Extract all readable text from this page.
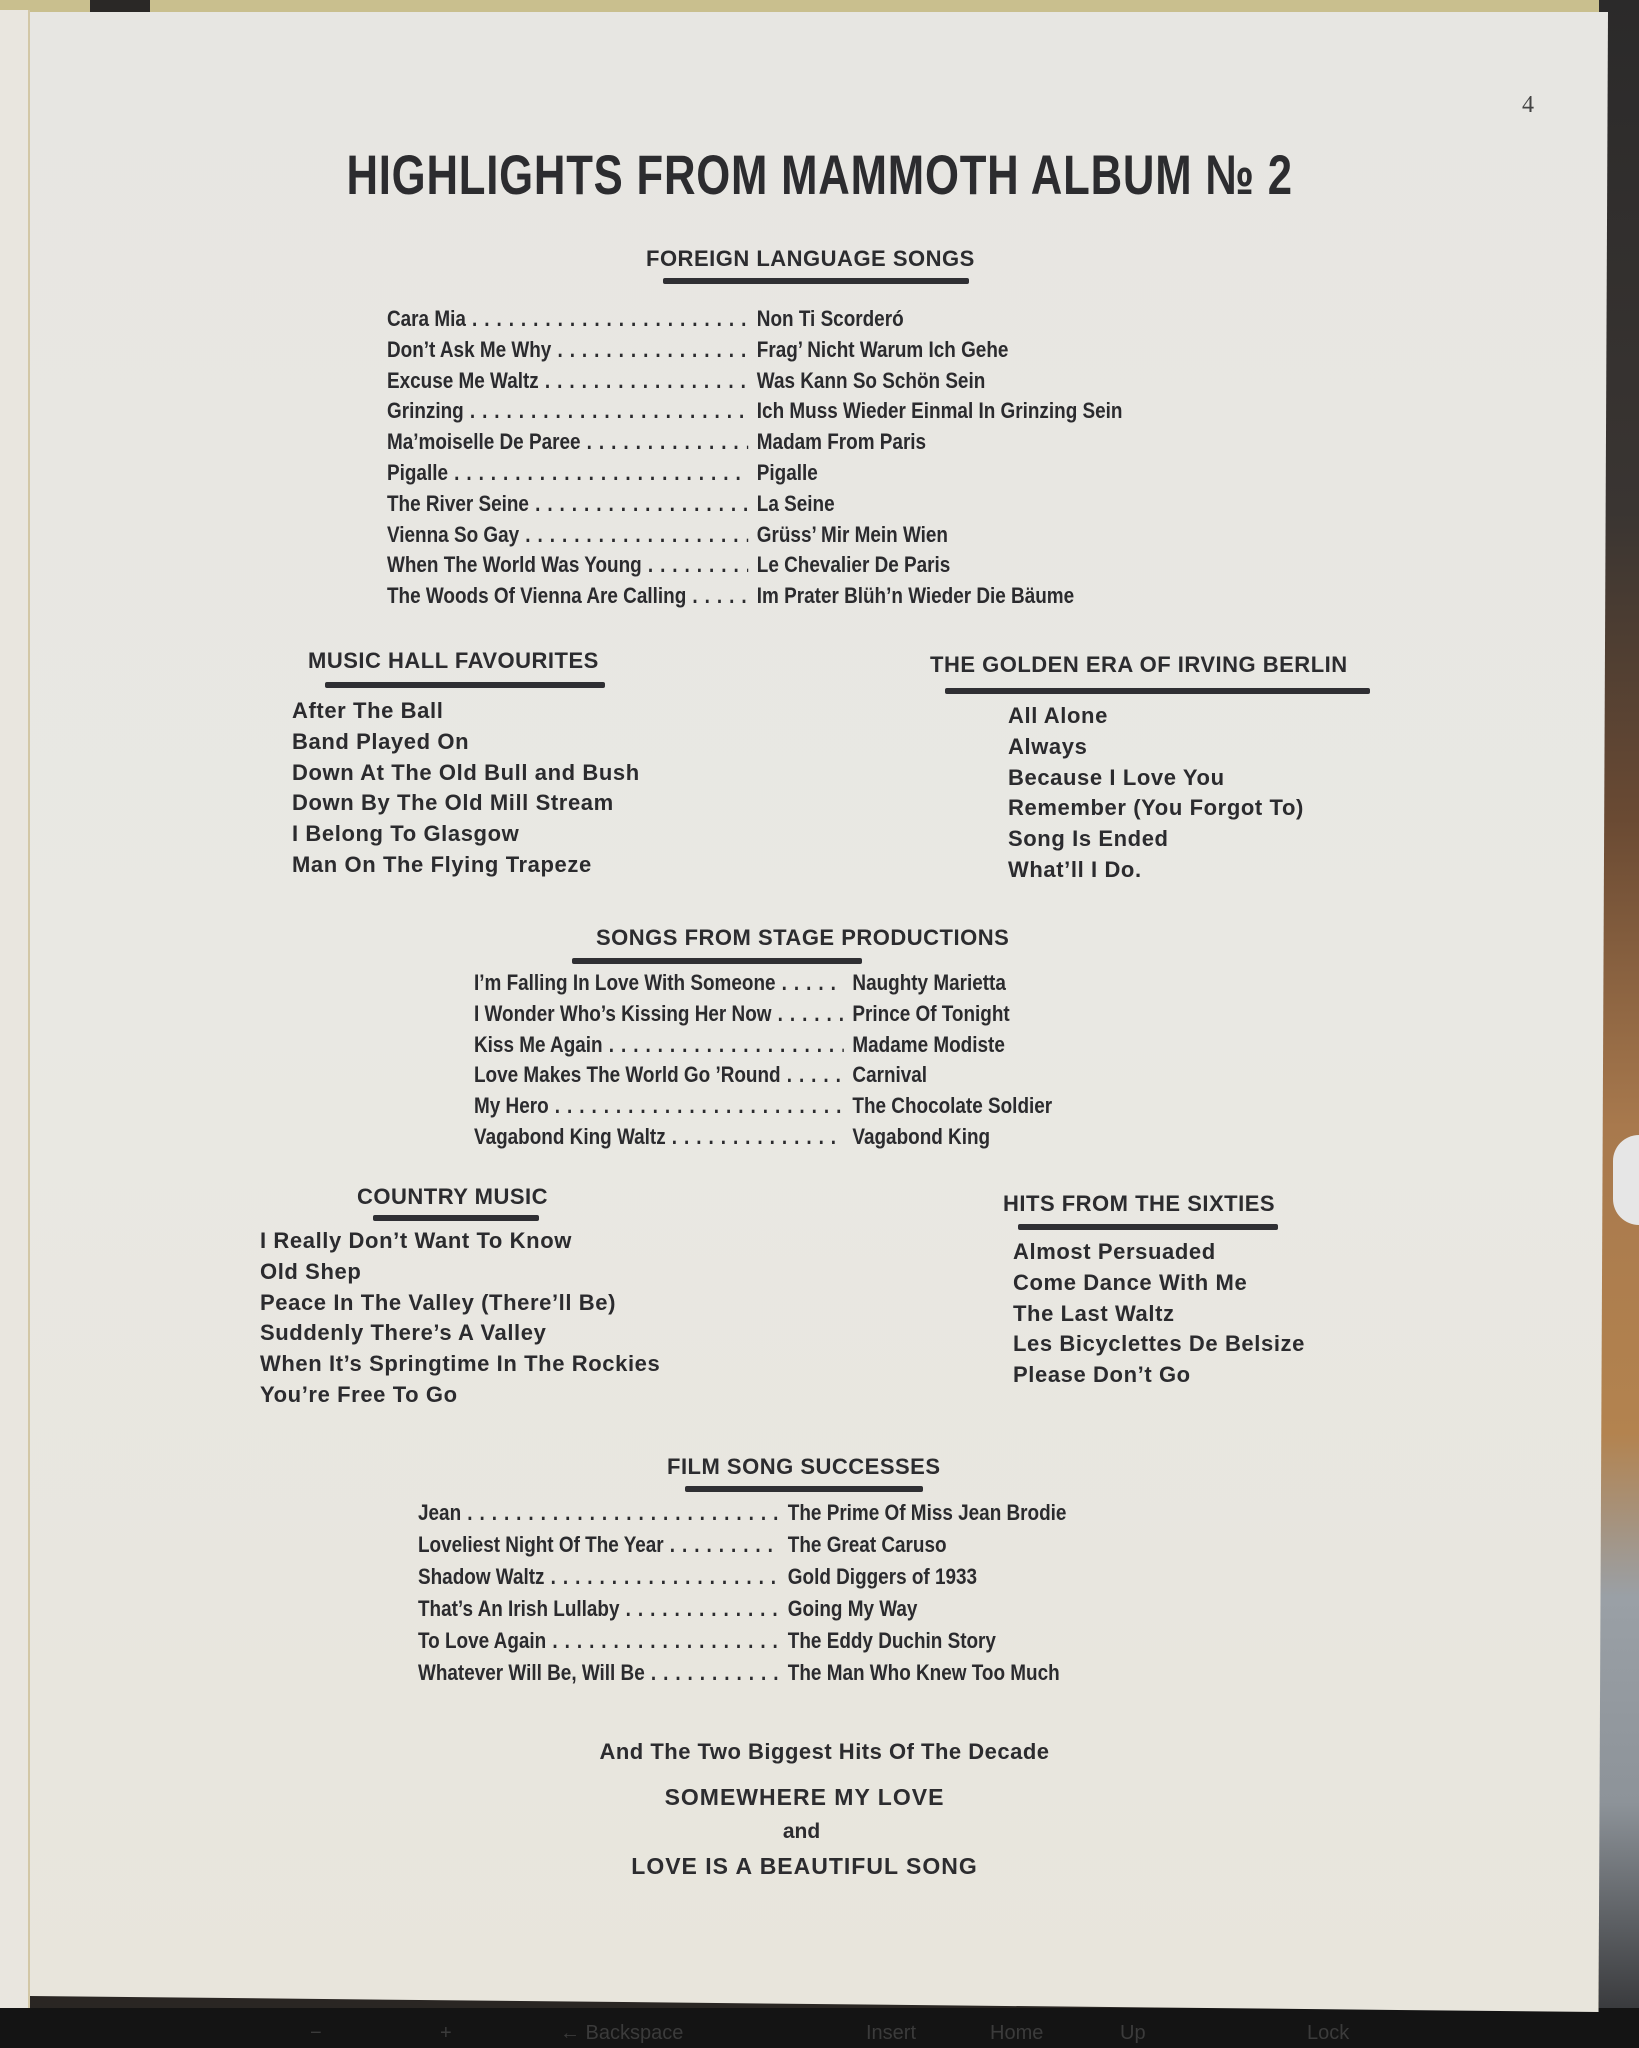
−	+	← Backspace	Insert	Home	Up	Lock
4
HIGHLIGHTS FROM MAMMOTH ALBUM № 2
FOREIGN LANGUAGE SONGS
Cara Mia . . .	Non Ti Scorderó
Don’t Ask Me Why . . .	Frag’ Nicht Warum Ich Gehe
Excuse Me Waltz . . .	Was Kann So Schön Sein
Grinzing . . .	Ich Muss Wieder Einmal In Grinzing Sein
Ma’moiselle De Paree . . .	Madam From Paris
Pigalle . . .	Pigalle
The River Seine . . .	La Seine
Vienna So Gay . . .	Grüss’ Mir Mein Wien
When The World Was Young . . .	Le Chevalier De Paris
The Woods Of Vienna Are Calling . . .	Im Prater Blüh’n Wieder Die Bäume
MUSIC HALL FAVOURITES
After The Ball
Band Played On
Down At The Old Bull and Bush
Down By The Old Mill Stream
I Belong To Glasgow
Man On The Flying Trapeze
THE GOLDEN ERA OF IRVING BERLIN
All Alone
Always
Because I Love You
Remember (You Forgot To)
Song Is Ended
What’ll I Do.
SONGS FROM STAGE PRODUCTIONS
I’m Falling In Love With Someone . . .	Naughty Marietta
I Wonder Who’s Kissing Her Now . . .	Prince Of Tonight
Kiss Me Again . . .	Madame Modiste
Love Makes The World Go ’Round . . .	Carnival
My Hero . . .	The Chocolate Soldier
Vagabond King Waltz . . .	Vagabond King
COUNTRY MUSIC
I Really Don’t Want To Know
Old Shep
Peace In The Valley (There’ll Be)
Suddenly There’s A Valley
When It’s Springtime In The Rockies
You’re Free To Go
HITS FROM THE SIXTIES
Almost Persuaded
Come Dance With Me
The Last Waltz
Les Bicyclettes De Belsize
Please Don’t Go
FILM SONG SUCCESSES
Jean . . .	The Prime Of Miss Jean Brodie
Loveliest Night Of The Year . . .	The Great Caruso
Shadow Waltz . . .	Gold Diggers of 1933
That’s An Irish Lullaby . . .	Going My Way
To Love Again . . .	The Eddy Duchin Story
Whatever Will Be, Will Be . . .	The Man Who Knew Too Much
And The Two Biggest Hits Of The Decade
SOMEWHERE MY LOVE
and
LOVE IS A BEAUTIFUL SONG
